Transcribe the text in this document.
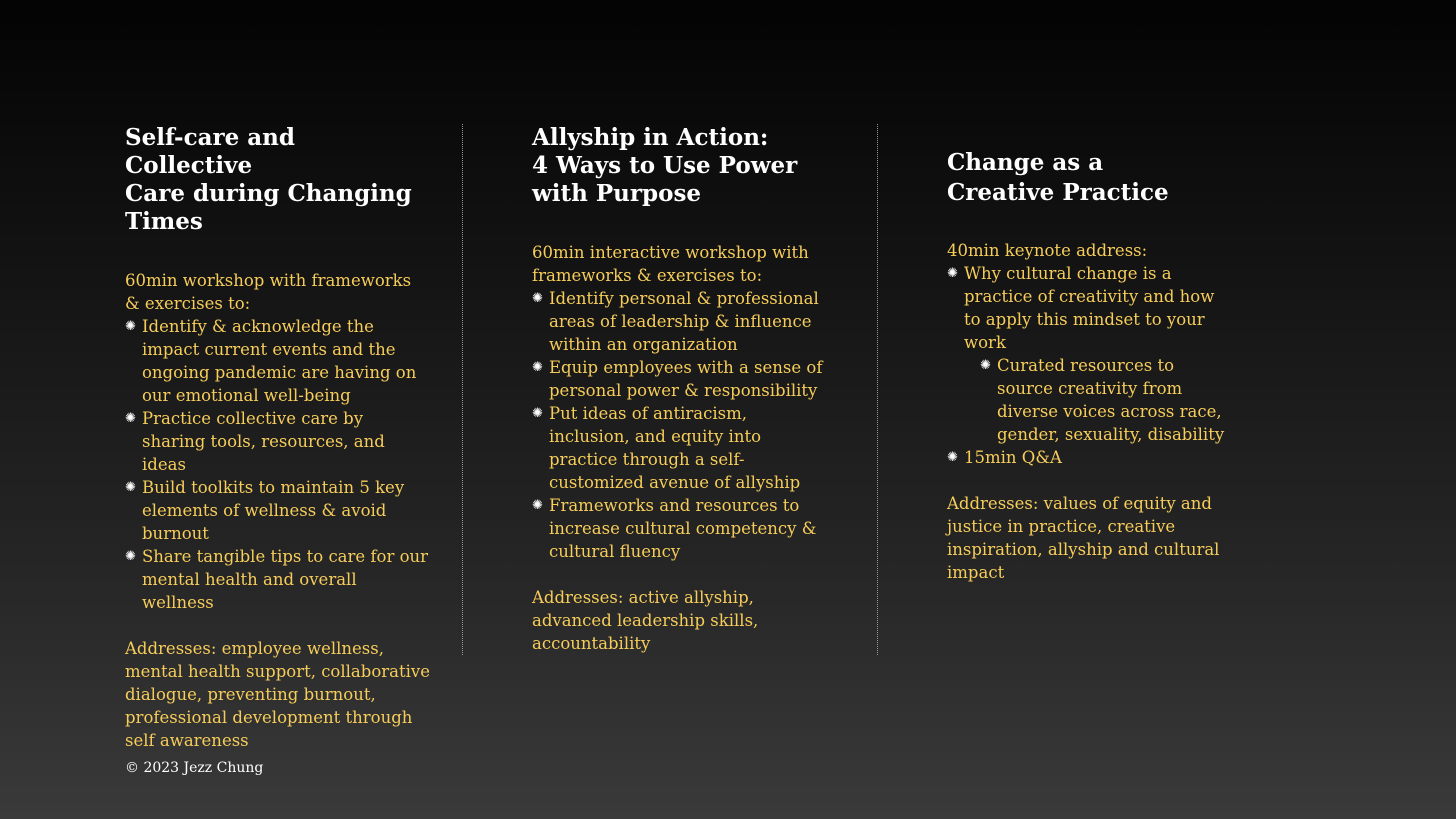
Self-care and Collective
Care during Changing
Times
60min workshop with frameworks & exercises to:
✺ Identify & acknowledge the impact current events and the ongoing pandemic are having on our emotional well-being
✺ Practice collective care by sharing tools, resources, and ideas
✺ Build toolkits to maintain 5 key elements of wellness & avoid burnout
✺ Share tangible tips to care for our mental health and overall wellness
Addresses: employee wellness, mental health support, collaborative dialogue, preventing burnout, professional development through self awareness
Allyship in Action:
4 Ways to Use Power
with Purpose
60min interactive workshop with frameworks & exercises to:
✺ Identify personal & professional areas of leadership & influence within an organization
✺ Equip employees with a sense of personal power & responsibility
✺ Put ideas of antiracism, inclusion, and equity into practice through a self-customized avenue of allyship
✺ Frameworks and resources to increase cultural competency & cultural fluency
Addresses: active allyship, advanced leadership skills, accountability
Change as a
Creative Practice
40min keynote address:
✺ Why cultural change is a practice of creativity and how to apply this mindset to your work
✺ Curated resources to source creativity from diverse voices across race, gender, sexuality, disability
✺ 15min Q&A
Addresses: values of equity and justice in practice, creative inspiration, allyship and cultural impact
© 2023 Jezz Chung
